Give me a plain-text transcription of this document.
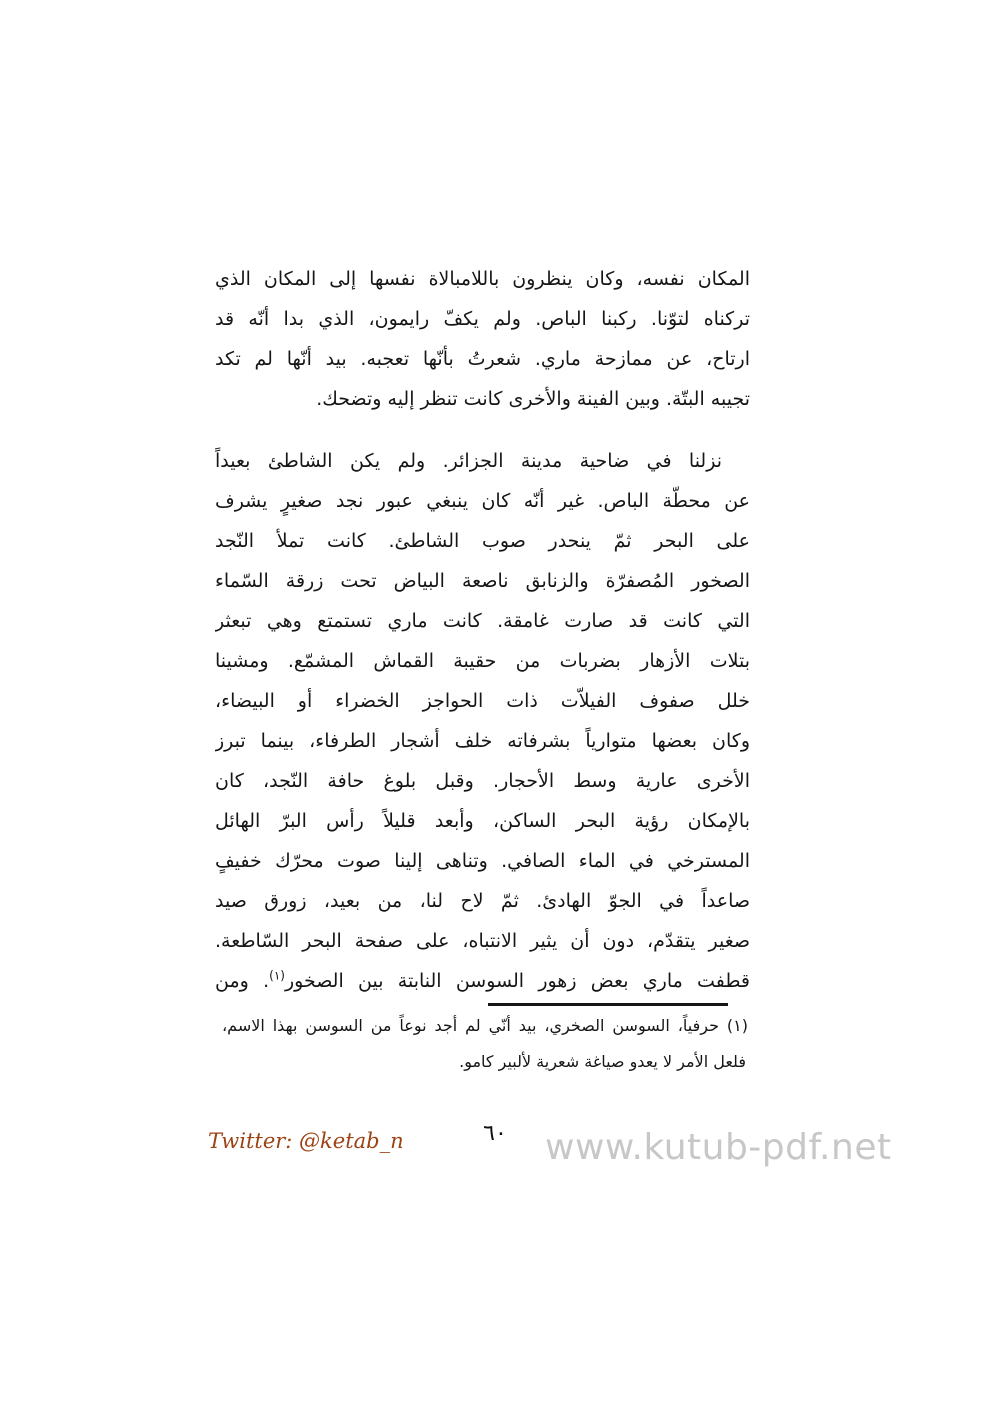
المكان نفسه، وكان ينظرون باللامبالاة نفسها إلى المكان الذي
تركناه لتوّنا. ركبنا الباص. ولم يكفّ رايمون، الذي بدا أنّه قد
ارتاح، عن ممازحة ماري. شعرتُ بأنّها تعجبه. بيد أنّها لم تكد
تجيبه البتّة. وبين الفينة والأخرى كانت تنظر إليه وتضحك.
نزلنا في ضاحية مدينة الجزائر. ولم يكن الشاطئ بعيداً
عن محطّة الباص. غير أنّه كان ينبغي عبور نجد صغيرٍ يشرف
على البحر ثمّ ينحدر صوب الشاطئ. كانت تملأ النّجد
الصخور المُصفرّة والزنابق ناصعة البياض تحت زرقة السّماء
التي كانت قد صارت غامقة. كانت ماري تستمتع وهي تبعثر
بتلات الأزهار بضربات من حقيبة القماش المشمّع. ومشينا
خلل صفوف الفيلاّت ذات الحواجز الخضراء أو البيضاء،
وكان بعضها متوارياً بشرفاته خلف أشجار الطرفاء، بينما تبرز
الأخرى عارية وسط الأحجار. وقبل بلوغ حافة النّجد، كان
بالإمكان رؤية البحر الساكن، وأبعد قليلاً رأس البرّ الهائل
المسترخي في الماء الصافي. وتناهى إلينا صوت محرّك خفيفٍ
صاعداً في الجوّ الهادئ. ثمّ لاح لنا، من بعيد، زورق صيد
صغير يتقدّم، دون أن يثير الانتباه، على صفحة البحر السّاطعة.
قطفت ماري بعض زهور السوسن النابتة بين الصخور$^{(١)}$. ومن
(١) حرفياً، السوسن الصخري، بيد أنّي لم أجد نوعاً من السوسن بهذا الاسم،
فلعل الأمر لا يعدو صياغة شعرية لألبير كامو.
Twitter: @ketab_n	٦٠	www.kutub-pdf.net
